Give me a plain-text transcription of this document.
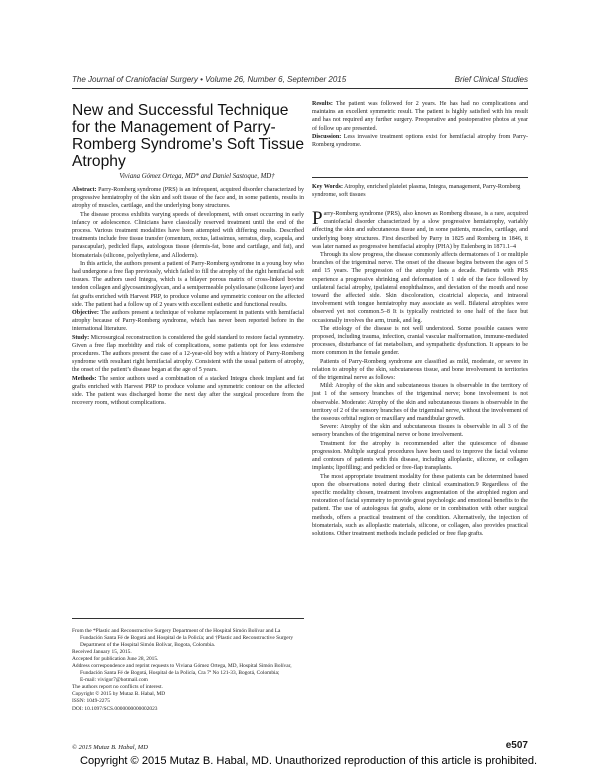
The Journal of Craniofacial Surgery • Volume 26, Number 6, September 2015	Brief Clinical Studies
New and Successful Technique for the Management of Parry-Romberg Syndrome’s Soft Tissue Atrophy
Viviana Gómez Ortega, MD* and Daniel Sastoque, MD†

Abstract: Parry-Romberg syndrome (PRS) is an infrequent, acquired disorder characterized by progressive hemiatrophy of the skin and soft tissue of the face and, in some patients, results in atrophy of muscles, cartilage, and the underlying bony structures.

The disease process exhibits varying speeds of development, with onset occurring in early infancy or adolescence. Clinicians have classically reserved treatment until the end of the process. Various treatment modalities have been attempted with differing results. Described treatments include free tissue transfer (omentum, rectus, latissimus, serratus, diep, scapula, and parascapular), pedicled flaps, autologous tissue (dermis-fat, bone and cartilage, and fat), and biomaterials (silicone, polyethylene, and Alloderm).

In this article, the authors present a patient of Parry-Romberg syndrome in a young boy who had undergone a free flap previously, which failed to fill the atrophy of the right hemifacial soft tissues. The authors used Integra, which is a bilayer porous matrix of cross-linked bovine tendon collagen and glycosaminoglycan, and a semipermeable polysiloxane (silicone layer) and fat grafts enriched with Harvest PRP, to produce volume and symmetric contour on the affected side. The patient had a follow up of 2 years with excellent esthetic and functional results.

Objective: The authors present a technique of volume replacement in patients with hemifacial atrophy because of Parry-Romberg syndrome, which has never been reported before in the international literature.

Study: Microsurgical reconstruction is considered the gold standard to restore facial symmetry. Given a free flap morbidity and risk of complications, some patients opt for less extensive procedures. The authors present the case of a 12-year-old boy with a history of Parry-Romberg syndrome with resultant right hemifacial atrophy. Consistent with the usual pattern of atrophy, the onset of the patient’s disease began at the age of 5 years.

Methods: The senior authors used a combination of a stacked Integra cheek implant and fat grafts enriched with Harvest PRP to produce volume and symmetric contour on the affected side. The patient was discharged home the next day after the surgical procedure from the recovery room, without complications.

From the *Plastic and Reconstructive Surgery Department of the Hospital Simón Bolívar and La Fundación Santa Fé de Bogotá and Hospital de la Policía; and †Plastic and Reconstructive Surgery Department of the Hospital Simón Bolívar, Bogota, Colombia.

Received January 15, 2015.

Accepted for publication June 28, 2015.

Address correspondence and reprint requests to Viviana Gómez Ortega, MD, Hospital Simón Bolívar, Fundación Santa Fé de Bogotá, Hospital de la Policía, Cra 7ª No 121-33, Bogotá, Colombia;

E-mail: vivigor7@hotmail.com

The authors report no conflicts of interest.

Copyright © 2015 by Mutaz B. Habal, MD

ISSN: 1049-2275

DOI: 10.1097/SCS.0000000000002023

Results: The patient was followed for 2 years. He has had no complications and maintains an excellent symmetric result. The patient is highly satisfied with his result and has not required any further surgery. Preoperative and postoperative photos at year of follow up are presented.

Discussion: Less invasive treatment options exist for hemifacial atrophy from Parry-Romberg syndrome.

Key Words: Atrophy, enriched platelet plasma, Integra, management, Parry-Romberg syndrome, soft tissues

Parry-Romberg syndrome (PRS), also known as Romberg disease, is a rare, acquired craniofacial disorder characterized by a slow progressive hemiatrophy, variably affecting the skin and subcutaneous tissue and, in some patients, muscles, cartilage, and underlying bony structures. First described by Parry in 1825 and Romberg in 1846, it was later named as progressive hemifacial atrophy (PHA) by Eulenberg in 1871.1–4

Through its slow progress, the disease commonly affects dermatomes of 1 or multiple branches of the trigeminal nerve. The onset of the disease begins between the ages of 5 and 15 years. The progression of the atrophy lasts a decade. Patients with PRS experience a progressive shrinking and deformation of 1 side of the face followed by unilateral facial atrophy, ipsilateral enophthalmos, and deviation of the mouth and nose toward the affected side. Skin discoloration, cicatricial alopecia, and intraoral involvement with tongue hemiatrophy may associate as well. Bilateral atrophies were observed yet not common.5–8 It is typically restricted to one half of the face but occasionally involves the arm, trunk, and leg.

The etiology of the disease is not well understood. Some possible causes were proposed, including trauma, infection, cranial vascular malformation, immune-mediated processes, disturbance of fat metabolism, and sympathetic dysfunction. It appears to be more common in the female gender.

Patients of Parry-Romberg syndrome are classified as mild, moderate, or severe in relation to atrophy of the skin, subcutaneous tissue, and bone involvement in territories of the trigeminal nerve as follows:

Mild: Atrophy of the skin and subcutaneous tissues is observable in the territory of just 1 of the sensory branches of the trigeminal nerve; bone involvement is not observable. Moderate: Atrophy of the skin and subcutaneous tissues is observable in the territory of 2 of the sensory branches of the trigeminal nerve, without the involvement of the osseous orbital region or maxillary and mandibular growth.

Severe: Atrophy of the skin and subcutaneous tissues is observable in all 3 of the sensory branches of the trigeminal nerve or bone involvement.

Treatment for the atrophy is recommended after the quiescence of disease progression. Multiple surgical procedures have been used to improve the facial volume and contours of patients with this disease, including alloplastic, silicone, or collagen implants; lipofilling; and pedicled or free-flap transplants.

The most appropriate treatment modality for these patients can be determined based upon the observations noted during their clinical examination.9 Regardless of the specific modality chosen, treatment involves augmentation of the atrophied region and restoration of facial symmetry to provide great psychologic and emotional benefits to the patient. The use of autologous fat grafts, alone or in combination with other surgical methods, offers a practical treatment of the condition. Alternatively, the injection of biomaterials, such as alloplastic materials, silicone, or collagen, also provides practical solutions. Other treatment methods include pedicled or free flap grafts.

© 2015 Mutaz B. Habal, MD	e507
Copyright © 2015 Mutaz B. Habal, MD. Unauthorized reproduction of this article is prohibited.
